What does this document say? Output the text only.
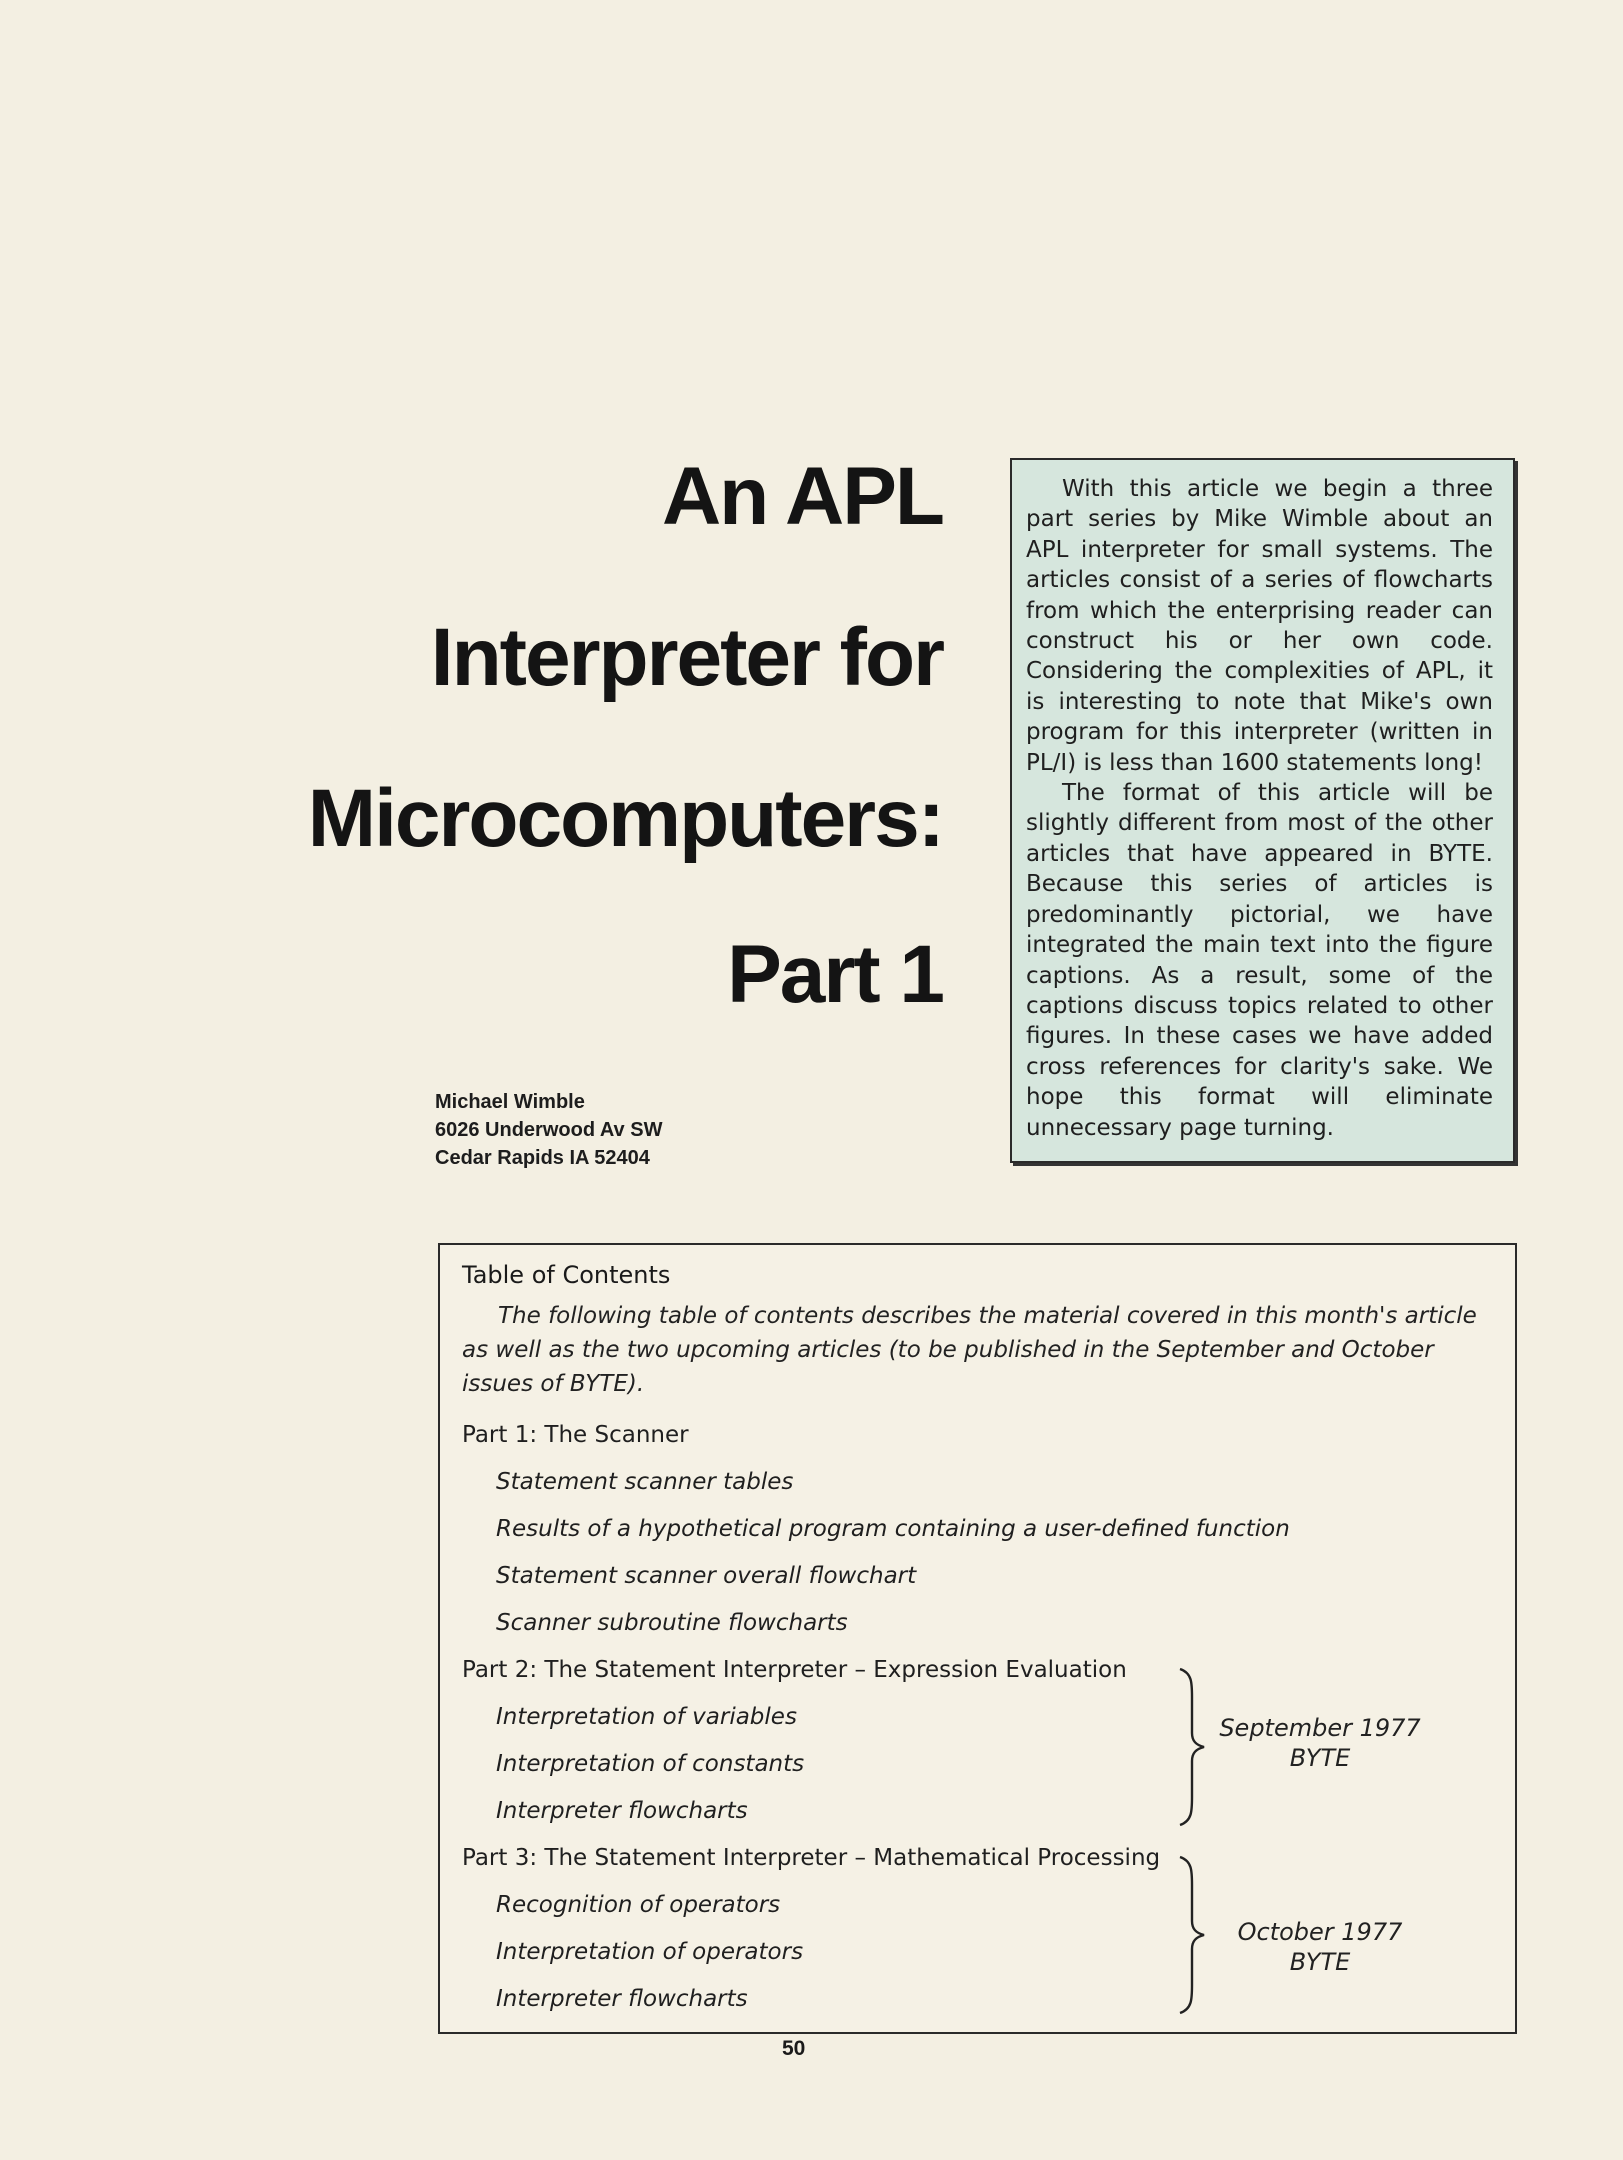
An APL
Interpreter for
Microcomputers:
Part 1
Michael Wimble
6026 Underwood Av SW
Cedar Rapids IA 52404

With this article we begin a three part series by Mike Wimble about an APL interpreter for small systems. The articles consist of a series of flowcharts from which the enterprising reader can construct his or her own code. Considering the complexities of APL, it is interesting to note that Mike's own program for this interpreter (written in PL/I) is less than 1600 statements long!

The format of this article will be slightly different from most of the other articles that have appeared in BYTE. Because this series of articles is predominantly pictorial, we have integrated the main text into the figure captions. As a result, some of the captions discuss topics related to other figures. In these cases we have added cross references for clarity's sake. We hope this format will eliminate unnecessary page turning.

Table of Contents

The following table of contents describes the material covered in this month's article as well as the two upcoming articles (to be published in the September and October issues of BYTE).

Part 1: The Scanner
Statement scanner tables
Results of a hypothetical program containing a user-defined function
Statement scanner overall flowchart
Scanner subroutine flowcharts
Part 2: The Statement Interpreter – Expression Evaluation
Interpretation of variables
Interpretation of constants
Interpreter flowcharts
September 1977
BYTE
Part 3: The Statement Interpreter – Mathematical Processing
Recognition of operators
Interpretation of operators
Interpreter flowcharts
October 1977
BYTE
50
